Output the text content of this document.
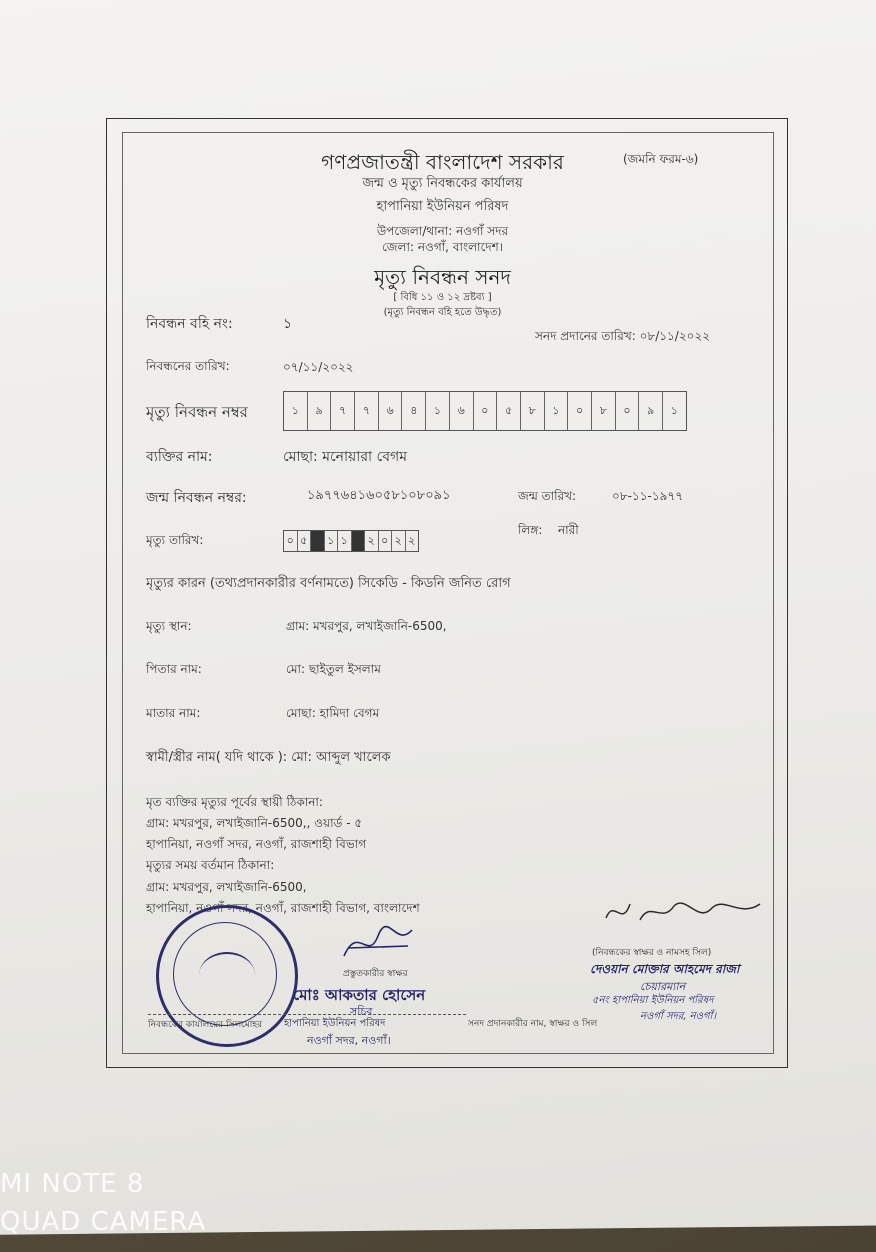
গণপ্রজাতন্ত্রী বাংলাদেশ সরকার	(জমনি ফরম-৬)
জন্ম ও মৃত্যু নিবন্ধকের কার্যালয়
হাপানিয়া ইউনিয়ন পরিষদ
উপজেলা/থানা: নওগাঁ সদর
জেলা: নওগাঁ, বাংলাদেশ।
মৃত্যু নিবন্ধন সনদ
[ বিধি ১১ ও ১২ দ্রষ্টব্য ]
(মৃত্যু নিবন্ধন বহি হতে উদ্ধৃত)
নিবন্ধন বহি নং:	১
সনদ প্রদানের তারিখ: ০৮/১১/২০২২
নিবন্ধনের তারিখ:	০৭/১১/২০২২
মৃত্যু নিবন্ধন নম্বর	১	৯	৭	৭	৬	৪	১	৬	০	৫	৮	১	০	৮	০	৯	১
ব্যক্তির নাম:	মোছা: মনোয়ারা বেগম
জন্ম নিবন্ধন নম্বর:	১৯৭৭৬৪১৬০৫৮১০৮০৯১	জন্ম তারিখ:	০৮-১১-১৯৭৭
লিঙ্গ: নারী
মৃত্যু তারিখ:	০ ৫	১ ১	২ ০ ২ ২
মৃত্যুর কারন (তথ্যপ্রদানকারীর বর্ণনামতে) সিকেডি - কিডনি জনিত রোগ
মৃত্যু স্থান:	গ্রাম: মখরপুর, লখাইজানি-6500,
পিতার নাম:	মো: ছাইতুল ইসলাম
মাতার নাম:	মোছা: হামিদা বেগম
স্বামী/স্ত্রীর নাম( যদি থাকে ): মো: আব্দুল খালেক
মৃত ব্যক্তির মৃত্যুর পূর্বের স্থায়ী ঠিকানা:
গ্রাম: মখরপুর, লখাইজানি-6500,, ওয়ার্ড - ৫
হাপানিয়া, নওগাঁ সদর, নওগাঁ, রাজশাহী বিভাগ
মৃত্যুর সময় বর্তমান ঠিকানা:
গ্রাম: মখরপুর, লখাইজানি-6500,
হাপানিয়া, নওগাঁ সদর, নওগাঁ, রাজশাহী বিভাগ, বাংলাদেশ
প্রস্তুতকারীর স্বাক্ষর
মোঃ আকতার হোসেন
সচিব
হাপানিয়া ইউনিয়ন পরিষদ
নওগাঁ সদর, নওগাঁ।
নিবন্ধকের কার্যালয়ের সিলমোহর	সনদ প্রদানকারীর নাম, স্বাক্ষর ও সিল
(নিবন্ধকের স্বাক্ষর ও নামসহ সিল)
দেওয়ান মোক্তার আহমেদ রাজা
চেয়ারম্যান
৫নং হাপানিয়া ইউনিয়ন পরিষদ
নওগাঁ সদর, নওগাঁ।
MI NOTE 8
QUAD CAMERA
